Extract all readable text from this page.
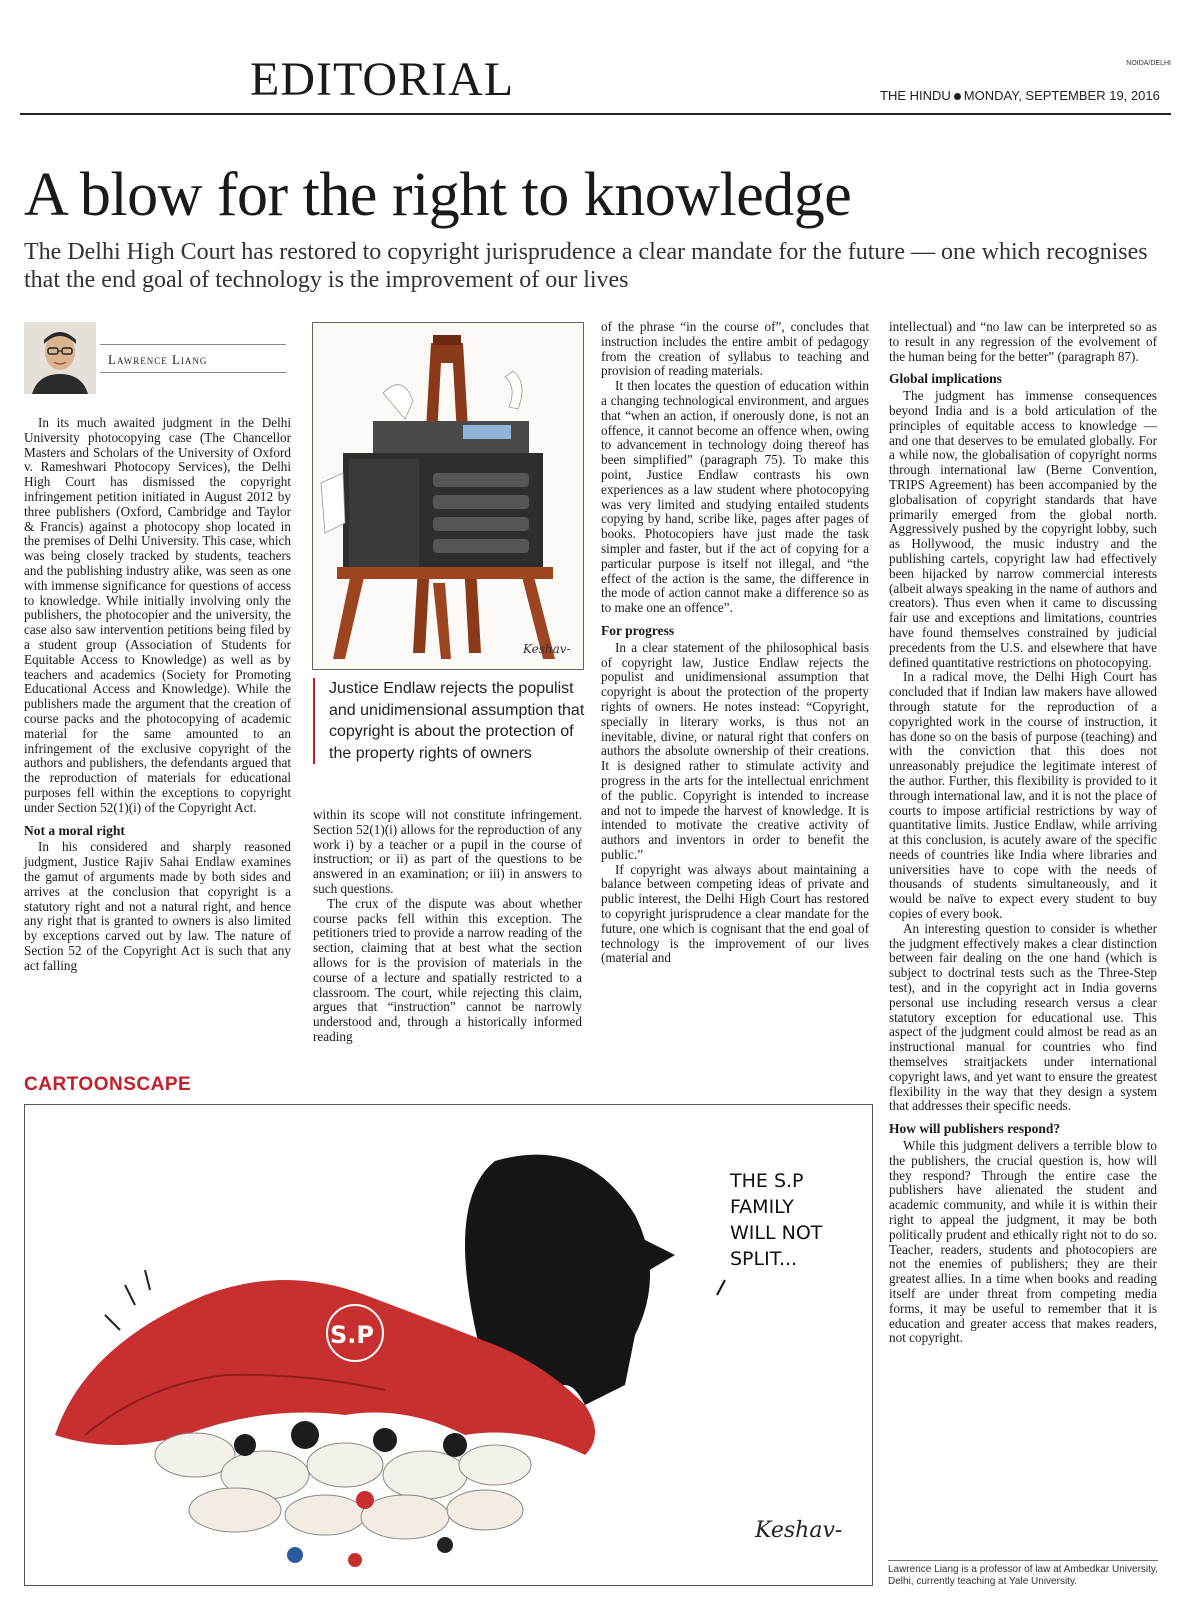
EDITORIAL	NOIDA/DELHI
THE HINDU MONDAY, SEPTEMBER 19, 2016
A blow for the right to knowledge
The Delhi High Court has restored to copyright jurisprudence a clear mandate for the future — one which recognises that the end goal of technology is the improvement of our lives
Lawrence Liang

In its much awaited judgment in the Delhi University photocopying case (The Chancellor Masters and Scholars of the University of Oxford v. Rameshwari Photocopy Services), the Delhi High Court has dismissed the copyright infringement petition initiated in August 2012 by three publishers (Oxford, Cambridge and Taylor & Francis) against a photocopy shop located in the premises of Delhi University. This case, which was being closely tracked by students, teachers and the publishing industry alike, was seen as one with immense significance for questions of access to knowledge. While initially involving only the publishers, the photocopier and the university, the case also saw intervention petitions being filed by a student group (Association of Students for Equitable Access to Knowledge) as well as by teachers and academics (Society for Promoting Educational Access and Knowledge). While the publishers made the argument that the creation of course packs and the photocopying of academic material for the same amounted to an infringement of the exclusive copyright of the authors and publishers, the defendants argued that the reproduction of materials for educational purposes fell within the exceptions to copyright under Section 52(1)(i) of the Copyright Act.

Not a moral right

In his considered and sharply reasoned judgment, Justice Rajiv Sahai Endlaw examines the gamut of arguments made by both sides and arrives at the conclusion that copyright is a statutory right and not a natural right, and hence any right that is granted to owners is also limited by exceptions carved out by law. The nature of Section 52 of the Copyright Act is such that any act falling

Keshav-
Justice Endlaw rejects the populist and unidimensional assumption that copyright is about the protection of the property rights of owners

within its scope will not constitute infringement. Section 52(1)(i) allows for the reproduction of any work i) by a teacher or a pupil in the course of instruction; or ii) as part of the questions to be answered in an examination; or iii) in answers to such questions.

The crux of the dispute was about whether course packs fell within this exception. The petitioners tried to provide a narrow reading of the section, claiming that at best what the section allows for is the provision of materials in the course of a lecture and spatially restricted to a classroom. The court, while rejecting this claim, argues that “instruction” cannot be narrowly understood and, through a historically informed reading

of the phrase “in the course of”, concludes that instruction includes the entire ambit of pedagogy from the creation of syllabus to teaching and provision of reading materials.

It then locates the question of education within a changing technological environment, and argues that “when an action, if onerously done, is not an offence, it cannot become an offence when, owing to advancement in technology doing thereof has been simplified” (paragraph 75). To make this point, Justice Endlaw contrasts his own experiences as a law student where photocopying was very limited and studying entailed students copying by hand, scribe like, pages after pages of books. Photocopiers have just made the task simpler and faster, but if the act of copying for a particular purpose is itself not illegal, and “the effect of the action is the same, the difference in the mode of action cannot make a difference so as to make one an offence”.

For progress

In a clear statement of the philosophical basis of copyright law, Justice Endlaw rejects the populist and unidimensional assumption that copyright is about the protection of the property rights of owners. He notes instead: “Copyright, specially in literary works, is thus not an inevitable, divine, or natural right that confers on authors the absolute ownership of their creations. It is designed rather to stimulate activity and progress in the arts for the intellectual enrichment of the public. Copyright is intended to increase and not to impede the harvest of knowledge. It is intended to motivate the creative activity of authors and inventors in order to benefit the public.”

If copyright was always about maintaining a balance between competing ideas of private and public interest, the Delhi High Court has restored to copyright jurisprudence a clear mandate for the future, one which is cognisant that the end goal of technology is the improvement of our lives (material and

intellectual) and “no law can be interpreted so as to result in any regression of the evolvement of the human being for the better” (paragraph 87).

Global implications

The judgment has immense consequences beyond India and is a bold articulation of the principles of equitable access to knowledge — and one that deserves to be emulated globally. For a while now, the globalisation of copyright norms through international law (Berne Convention, TRIPS Agreement) has been accompanied by the globalisation of copyright standards that have primarily emerged from the global north. Aggressively pushed by the copyright lobby, such as Hollywood, the music industry and the publishing cartels, copyright law had effectively been hijacked by narrow commercial interests (albeit always speaking in the name of authors and creators). Thus even when it came to discussing fair use and exceptions and limitations, countries have found themselves constrained by judicial precedents from the U.S. and elsewhere that have defined quantitative restrictions on photocopying.

In a radical move, the Delhi High Court has concluded that if Indian law makers have allowed through statute for the reproduction of a copyrighted work in the course of instruction, it has done so on the basis of purpose (teaching) and with the conviction that this does not unreasonably prejudice the legitimate interest of the author. Further, this flexibility is provided to it through international law, and it is not the place of courts to impose artificial restrictions by way of quantitative limits. Justice Endlaw, while arriving at this conclusion, is acutely aware of the specific needs of countries like India where libraries and universities have to cope with the needs of thousands of students simultaneously, and it would be naïve to expect every student to buy copies of every book.

An interesting question to consider is whether the judgment effectively makes a clear distinction between fair dealing on the one hand (which is subject to doctrinal tests such as the Three-Step test), and in the copyright act in India governs personal use including research versus a clear statutory exception for educational use. This aspect of the judgment could almost be read as an instructional manual for countries who find themselves straitjackets under international copyright laws, and yet want to ensure the greatest flexibility in the way that they design a system that addresses their specific needs.

How will publishers respond?

While this judgment delivers a terrible blow to the publishers, the crucial question is, how will they respond? Through the entire case the publishers have alienated the student and academic community, and while it is within their right to appeal the judgment, it may be both politically prudent and ethically right not to do so. Teacher, readers, students and photocopiers are not the enemies of publishers; they are their greatest allies. In a time when books and reading itself are under threat from competing media forms, it may be useful to remember that it is education and greater access that makes readers, not copyright.

CARTOONSCAPE
S.P
THE S.P
FAMILY
WILL NOT
SPLIT...
Keshav-
Lawrence Liang is a professor of law at Ambedkar University, Delhi, currently teaching at Yale University.
